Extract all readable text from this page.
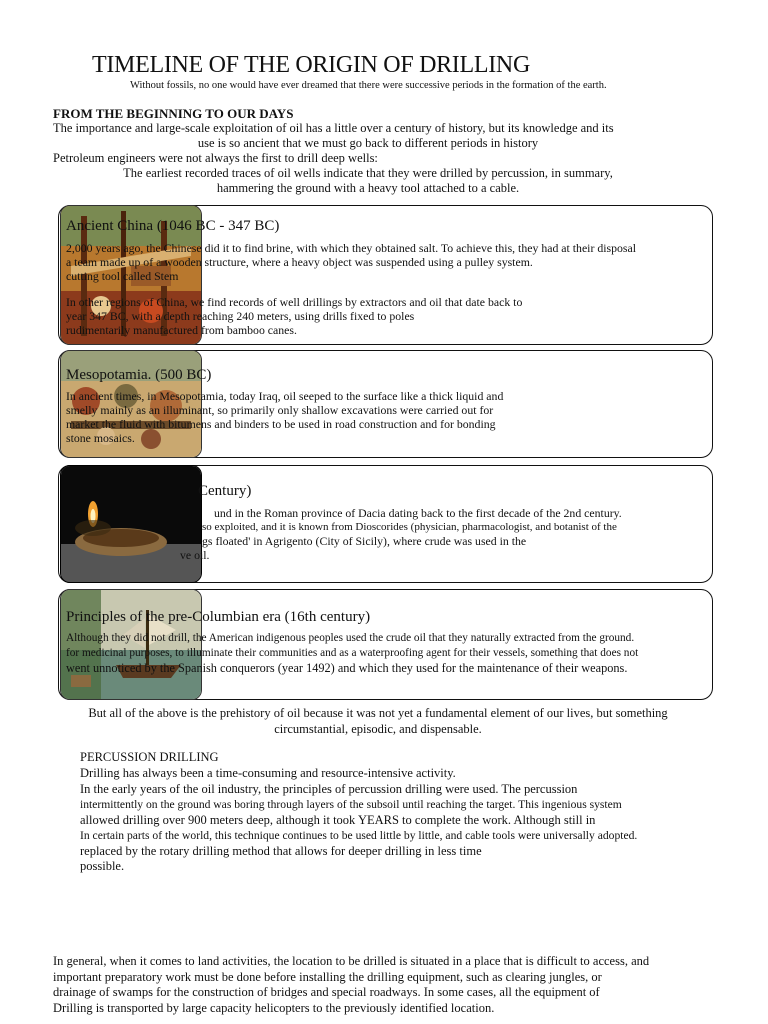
TIMELINE OF THE ORIGIN OF DRILLING
Without fossils, no one would have ever dreamed that there were successive periods in the formation of the earth.
FROM THE BEGINNING TO OUR DAYS
The importance and large-scale exploitation of oil has a little over a century of history, but its knowledge and its
use is so ancient that we must go back to different periods in history
Petroleum engineers were not always the first to drill deep wells:
The earliest recorded traces of oil wells indicate that they were drilled by percussion, in summary,
hammering the ground with a heavy tool attached to a cable.
Ancient China (1046 BC - 347 BC)

2,000 years ago, the Chinese did it to find brine, with which they obtained salt. To achieve this, they had at their disposal

a team made up of a wooden structure, where a heavy object was suspended using a pulley system.

cutting tool called Stem

In other regions of China, we find records of well drillings by extractors and oil that date back to

year 347 BC, with a depth reaching 240 meters, using drills fixed to poles

rudimentarily manufactured from bamboo canes.

Mesopotamia. (500 BC)

In ancient times, in Mesopotamia, today Iraq, oil seeped to the surface like a thick liquid and

smelly mainly as an illuminant, so primarily only shallow excavations were carried out for

market the fluid with bitumens and binders to be used in road construction and for bonding

stone mosaics.

Century)

und in the Roman province of Dacia dating back to the first decade of the 2nd century.

so exploited, and it is known from Dioscorides (physician, pharmacologist, and botanist of the

gs floated' in Agrigento (City of Sicily), where crude was used in the

ve oil.

Principles of the pre-Columbian era (16th century)

Although they did not drill, the American indigenous peoples used the crude oil that they naturally extracted from the ground.

for medicinal purposes, to illuminate their communities and as a waterproofing agent for their vessels, something that does not

went unnoticed by the Spanish conquerors (year 1492) and which they used for the maintenance of their weapons.

But all of the above is the prehistory of oil because it was not yet a fundamental element of our lives, but something circumstantial, episodic, and dispensable.
PERCUSSION DRILLING
Drilling has always been a time-consuming and resource-intensive activity.
In the early years of the oil industry, the principles of percussion drilling were used. The percussion
intermittently on the ground was boring through layers of the subsoil until reaching the target. This ingenious system
allowed drilling over 900 meters deep, although it took YEARS to complete the work. Although still in
In certain parts of the world, this technique continues to be used little by little, and cable tools were universally adopted.
replaced by the rotary drilling method that allows for deeper drilling in less time
possible.
In general, when it comes to land activities, the location to be drilled is situated in a place that is difficult to access, and
important preparatory work must be done before installing the drilling equipment, such as clearing jungles, or
drainage of swamps for the construction of bridges and special roadways. In some cases, all the equipment of
Drilling is transported by large capacity helicopters to the previously identified location.
